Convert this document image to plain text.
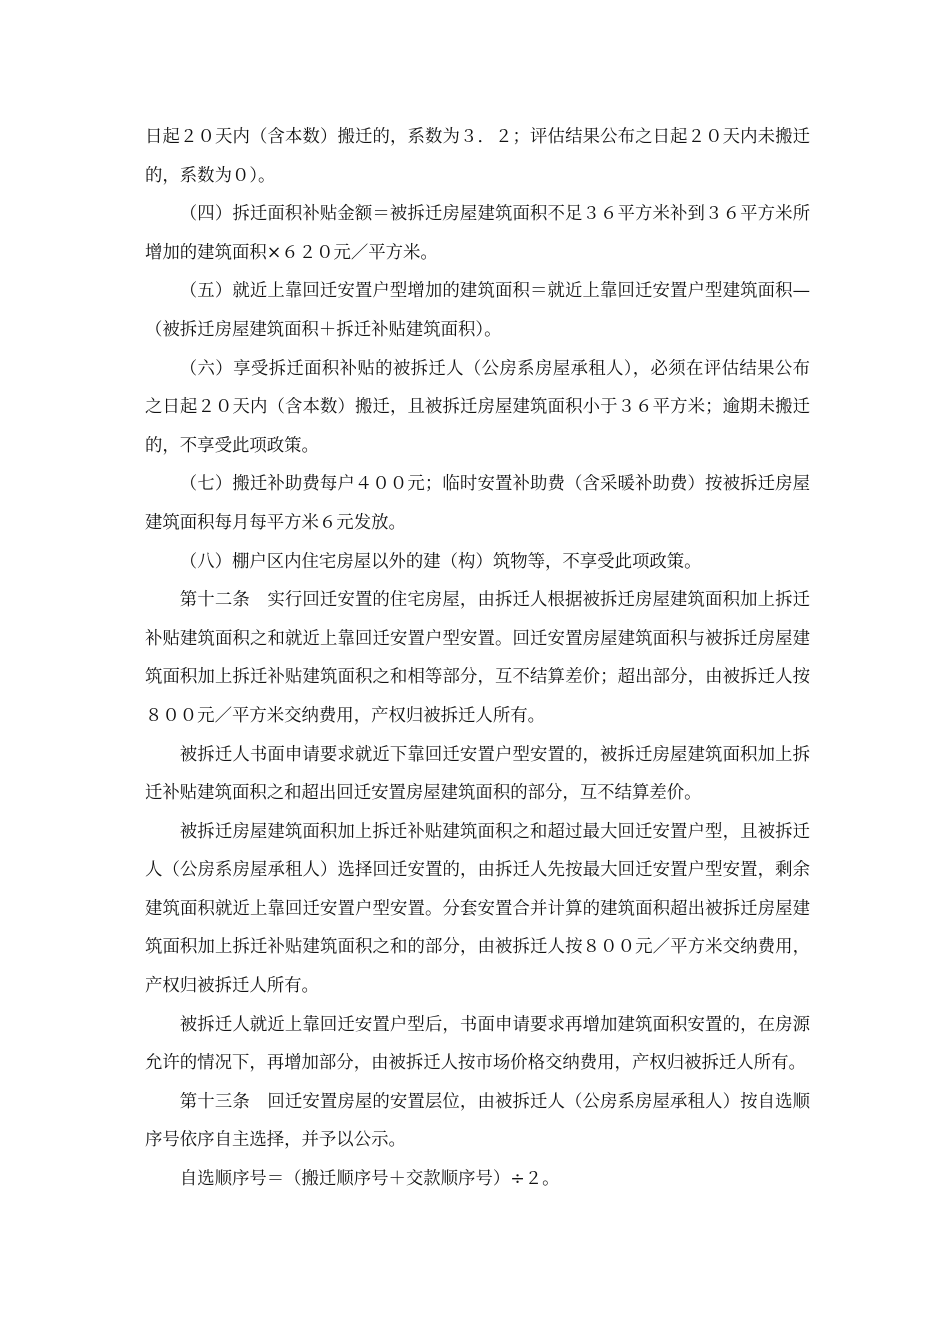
日起２０天内（含本数）搬迁的，系数为３．２；评估结果公布之日起２０天内未搬迁的，系数为０）。

（四）拆迁面积补贴金额＝被拆迁房屋建筑面积不足３６平方米补到３６平方米所增加的建筑面积×６２０元／平方米。

（五）就近上靠回迁安置户型增加的建筑面积＝就近上靠回迁安置户型建筑面积—（被拆迁房屋建筑面积＋拆迁补贴建筑面积）。

（六）享受拆迁面积补贴的被拆迁人（公房系房屋承租人），必须在评估结果公布之日起２０天内（含本数）搬迁，且被拆迁房屋建筑面积小于３６平方米；逾期未搬迁的，不享受此项政策。

（七）搬迁补助费每户４００元；临时安置补助费（含采暖补助费）按被拆迁房屋建筑面积每月每平方米６元发放。

（八）棚户区内住宅房屋以外的建（构）筑物等，不享受此项政策。

第十二条　实行回迁安置的住宅房屋，由拆迁人根据被拆迁房屋建筑面积加上拆迁补贴建筑面积之和就近上靠回迁安置户型安置。回迁安置房屋建筑面积与被拆迁房屋建筑面积加上拆迁补贴建筑面积之和相等部分，互不结算差价；超出部分，由被拆迁人按８００元／平方米交纳费用，产权归被拆迁人所有。

被拆迁人书面申请要求就近下靠回迁安置户型安置的，被拆迁房屋建筑面积加上拆迁补贴建筑面积之和超出回迁安置房屋建筑面积的部分，互不结算差价。

被拆迁房屋建筑面积加上拆迁补贴建筑面积之和超过最大回迁安置户型，且被拆迁人（公房系房屋承租人）选择回迁安置的，由拆迁人先按最大回迁安置户型安置，剩余建筑面积就近上靠回迁安置户型安置。分套安置合并计算的建筑面积超出被拆迁房屋建筑面积加上拆迁补贴建筑面积之和的部分，由被拆迁人按８００元／平方米交纳费用，产权归被拆迁人所有。

被拆迁人就近上靠回迁安置户型后，书面申请要求再增加建筑面积安置的，在房源允许的情况下，再增加部分，由被拆迁人按市场价格交纳费用，产权归被拆迁人所有。

第十三条　回迁安置房屋的安置层位，由被拆迁人（公房系房屋承租人）按自选顺序号依序自主选择，并予以公示。

自选顺序号＝（搬迁顺序号＋交款顺序号）÷２。
